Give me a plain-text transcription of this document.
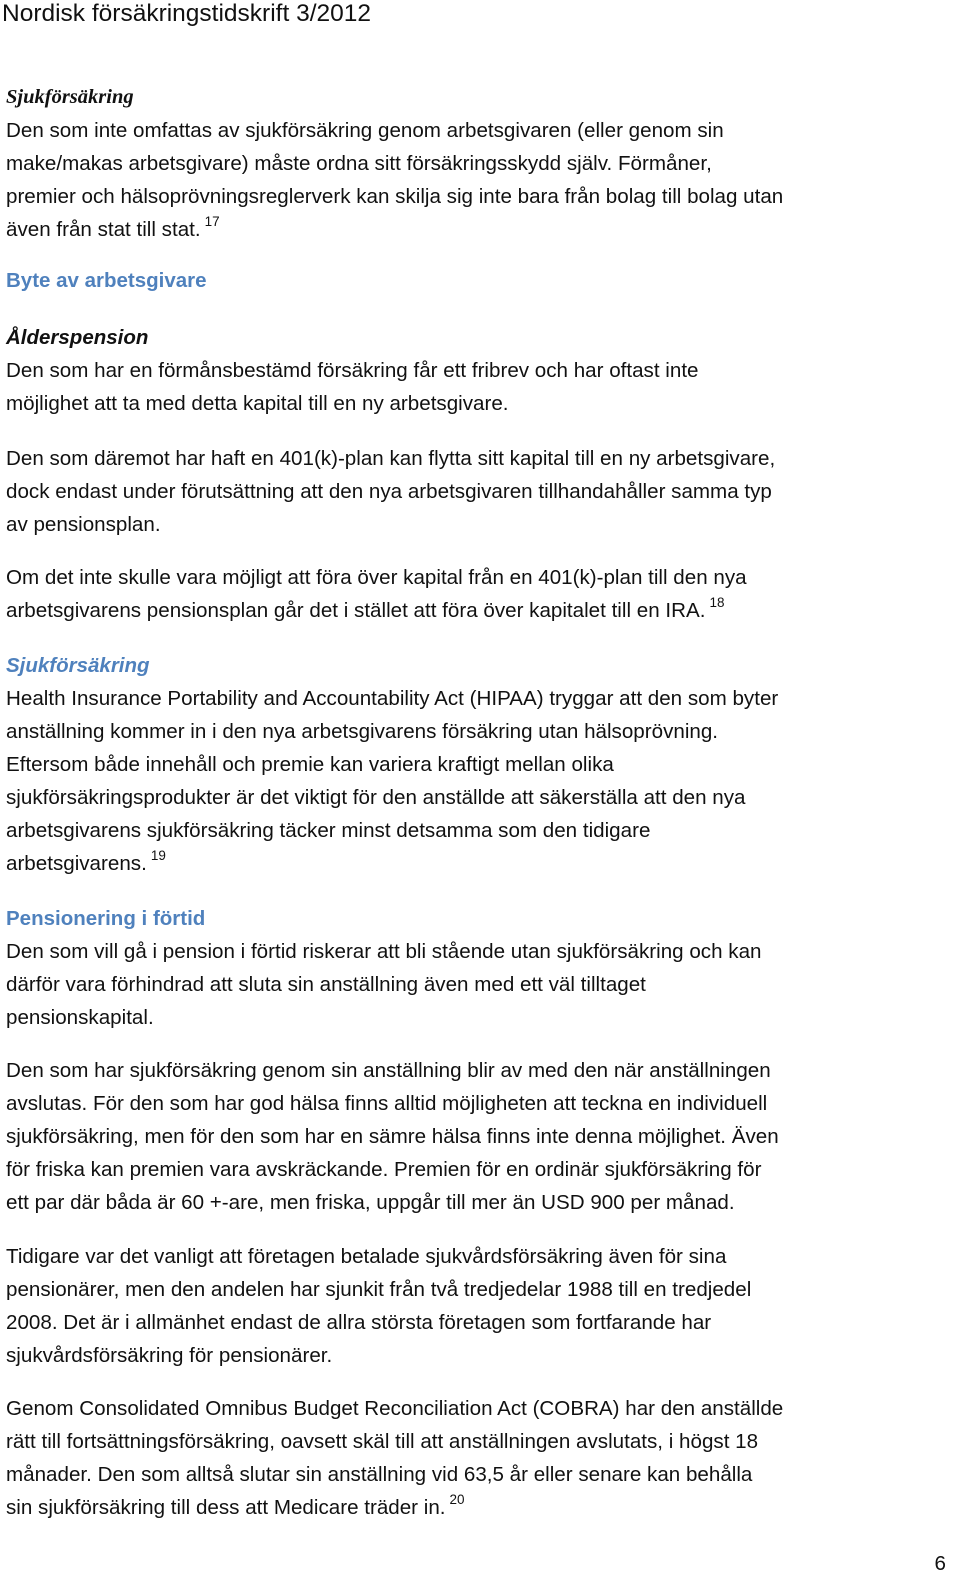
Nordisk försäkringstidskrift 3/2012
Sjukförsäkring
Den som inte omfattas av sjukförsäkring genom arbetsgivaren (eller genom sin
make/makas arbetsgivare) måste ordna sitt försäkringsskydd själv. Förmåner,
premier och hälsoprövningsreglerverk kan skilja sig inte bara från bolag till bolag utan
även från stat till stat. $^{17}$
Byte av arbetsgivare
Ålderspension
Den som har en förmånsbestämd försäkring får ett fribrev och har oftast inte
möjlighet att ta med detta kapital till en ny arbetsgivare.
Den som däremot har haft en 401(k)-plan kan flytta sitt kapital till en ny arbetsgivare,
dock endast under förutsättning att den nya arbetsgivaren tillhandahåller samma typ
av pensionsplan.
Om det inte skulle vara möjligt att föra över kapital från en 401(k)-plan till den nya
arbetsgivarens pensionsplan går det i stället att föra över kapitalet till en IRA. $^{18}$
Sjukförsäkring
Health Insurance Portability and Accountability Act (HIPAA) tryggar att den som byter
anställning kommer in i den nya arbetsgivarens försäkring utan hälsoprövning.
Eftersom både innehåll och premie kan variera kraftigt mellan olika
sjukförsäkringsprodukter är det viktigt för den anställde att säkerställa att den nya
arbetsgivarens sjukförsäkring täcker minst detsamma som den tidigare
arbetsgivarens. $^{19}$
Pensionering i förtid
Den som vill gå i pension i förtid riskerar att bli stående utan sjukförsäkring och kan
därför vara förhindrad att sluta sin anställning även med ett väl tilltaget
pensionskapital.
Den som har sjukförsäkring genom sin anställning blir av med den när anställningen
avslutas. För den som har god hälsa finns alltid möjligheten att teckna en individuell
sjukförsäkring, men för den som har en sämre hälsa finns inte denna möjlighet. Även
för friska kan premien vara avskräckande. Premien för en ordinär sjukförsäkring för
ett par där båda är 60 +-are, men friska, uppgår till mer än USD 900 per månad.
Tidigare var det vanligt att företagen betalade sjukvårdsförsäkring även för sina
pensionärer, men den andelen har sjunkit från två tredjedelar 1988 till en tredjedel
2008. Det är i allmänhet endast de allra största företagen som fortfarande har
sjukvårdsförsäkring för pensionärer.
Genom Consolidated Omnibus Budget Reconciliation Act (COBRA) har den anställde
rätt till fortsättningsförsäkring, oavsett skäl till att anställningen avslutats, i högst 18
månader. Den som alltså slutar sin anställning vid 63,5 år eller senare kan behålla
sin sjukförsäkring till dess att Medicare träder in. $^{20}$
6
